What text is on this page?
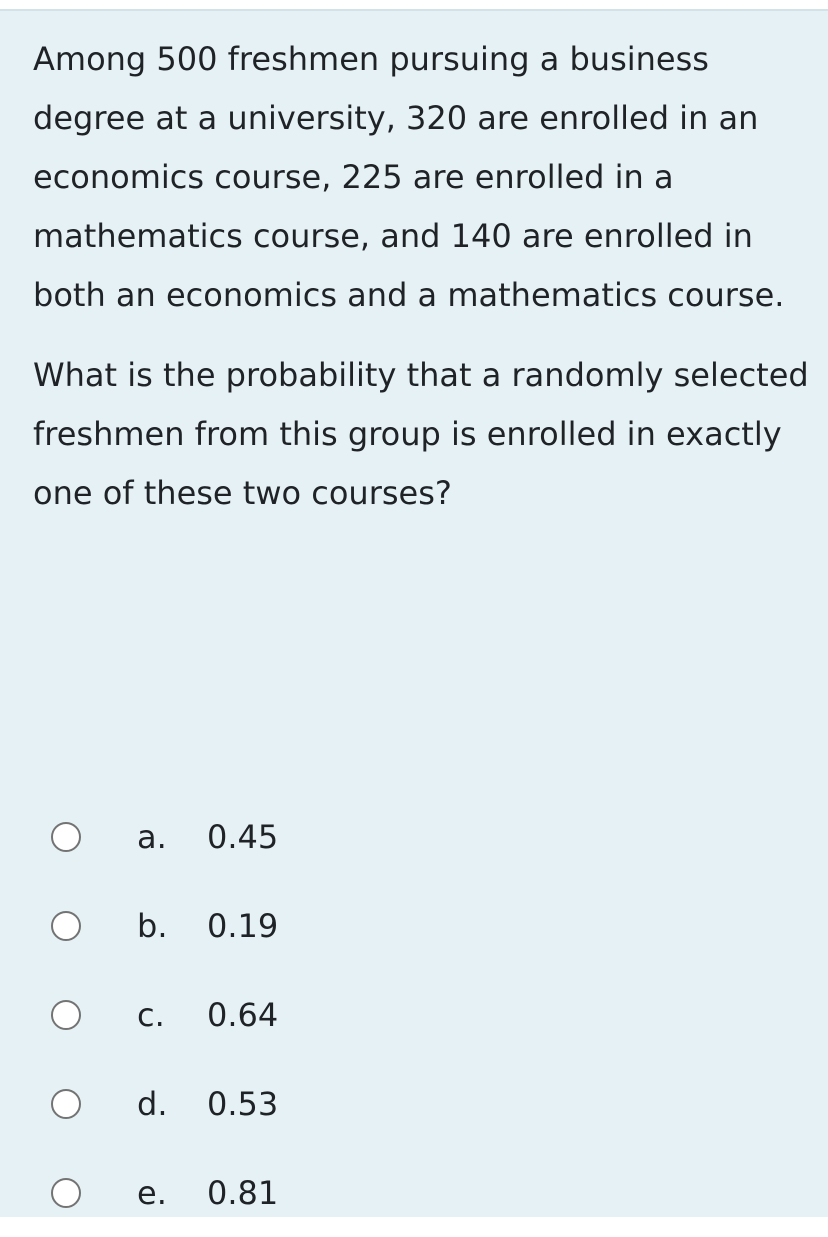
Among 500 freshmen pursuing a business degree at a university, 320 are enrolled in an economics course, 225 are enrolled in a mathematics course, and 140 are enrolled in both an economics and a mathematics course.

What is the probability that a randomly selected freshmen from this group is enrolled in exactly one of these two courses?

a.	0.45
b.	0.19
c.	0.64
d.	0.53
e.	0.81
